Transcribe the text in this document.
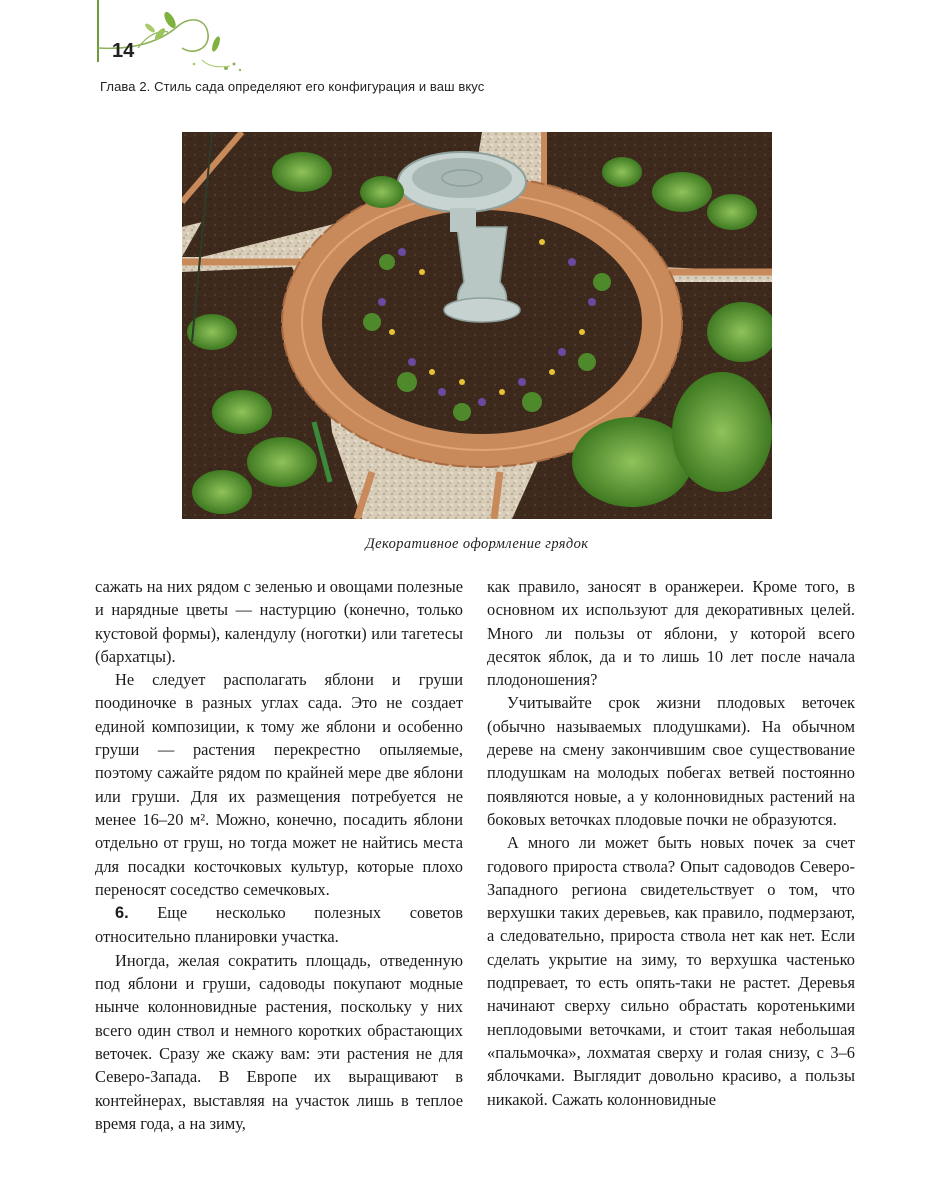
14
Глава 2. Стиль сада определяют его конфигурация и ваш вкус
Декоративное оформление грядок

сажать на них рядом с зеленью и овощами полезные и нарядные цветы — настурцию (конечно, только кустовой формы), календулу (ноготки) или тагетесы (бархатцы).

Не следует располагать яблони и груши поодиночке в разных углах сада. Это не создает единой композиции, к тому же яблони и особенно груши — растения перекрестно опыляемые, поэтому сажайте рядом по крайней мере две яблони или груши. Для их размещения потребуется не менее 16–20 м². Можно, конечно, посадить яблони отдельно от груш, но тогда может не найтись места для посадки косточковых культур, которые плохо переносят соседство семечковых.

6. Еще несколько полезных советов относительно планировки участка.

Иногда, желая сократить площадь, отведенную под яблони и груши, садоводы покупают модные нынче колонновидные растения, поскольку у них всего один ствол и немного коротких обрастающих веточек. Сразу же скажу вам: эти растения не для Северо-Запада. В Европе их выращивают в контейнерах, выставляя на участок лишь в теплое время года, а на зиму,

как правило, заносят в оранжереи. Кроме того, в основном их используют для декоративных целей. Много ли пользы от яблони, у которой всего десяток яблок, да и то лишь 10 лет после начала плодоношения?

Учитывайте срок жизни плодовых веточек (обычно называемых плодушками). На обычном дереве на смену закончившим свое существование плодушкам на молодых побегах ветвей постоянно появляются новые, а у колонновидных растений на боковых веточках плодовые почки не образуются.

А много ли может быть новых почек за счет годового прироста ствола? Опыт садоводов Северо-Западного региона свидетельствует о том, что верхушки таких деревьев, как правило, подмерзают, а следовательно, прироста ствола нет как нет. Если сделать укрытие на зиму, то верхушка частенько подпревает, то есть опять-таки не растет. Деревья начинают сверху сильно обрастать коротенькими неплодовыми веточками, и стоит такая небольшая «пальмочка», лохматая сверху и голая снизу, с 3–6 яблочками. Выглядит довольно красиво, а пользы никакой. Сажать колонновидные
